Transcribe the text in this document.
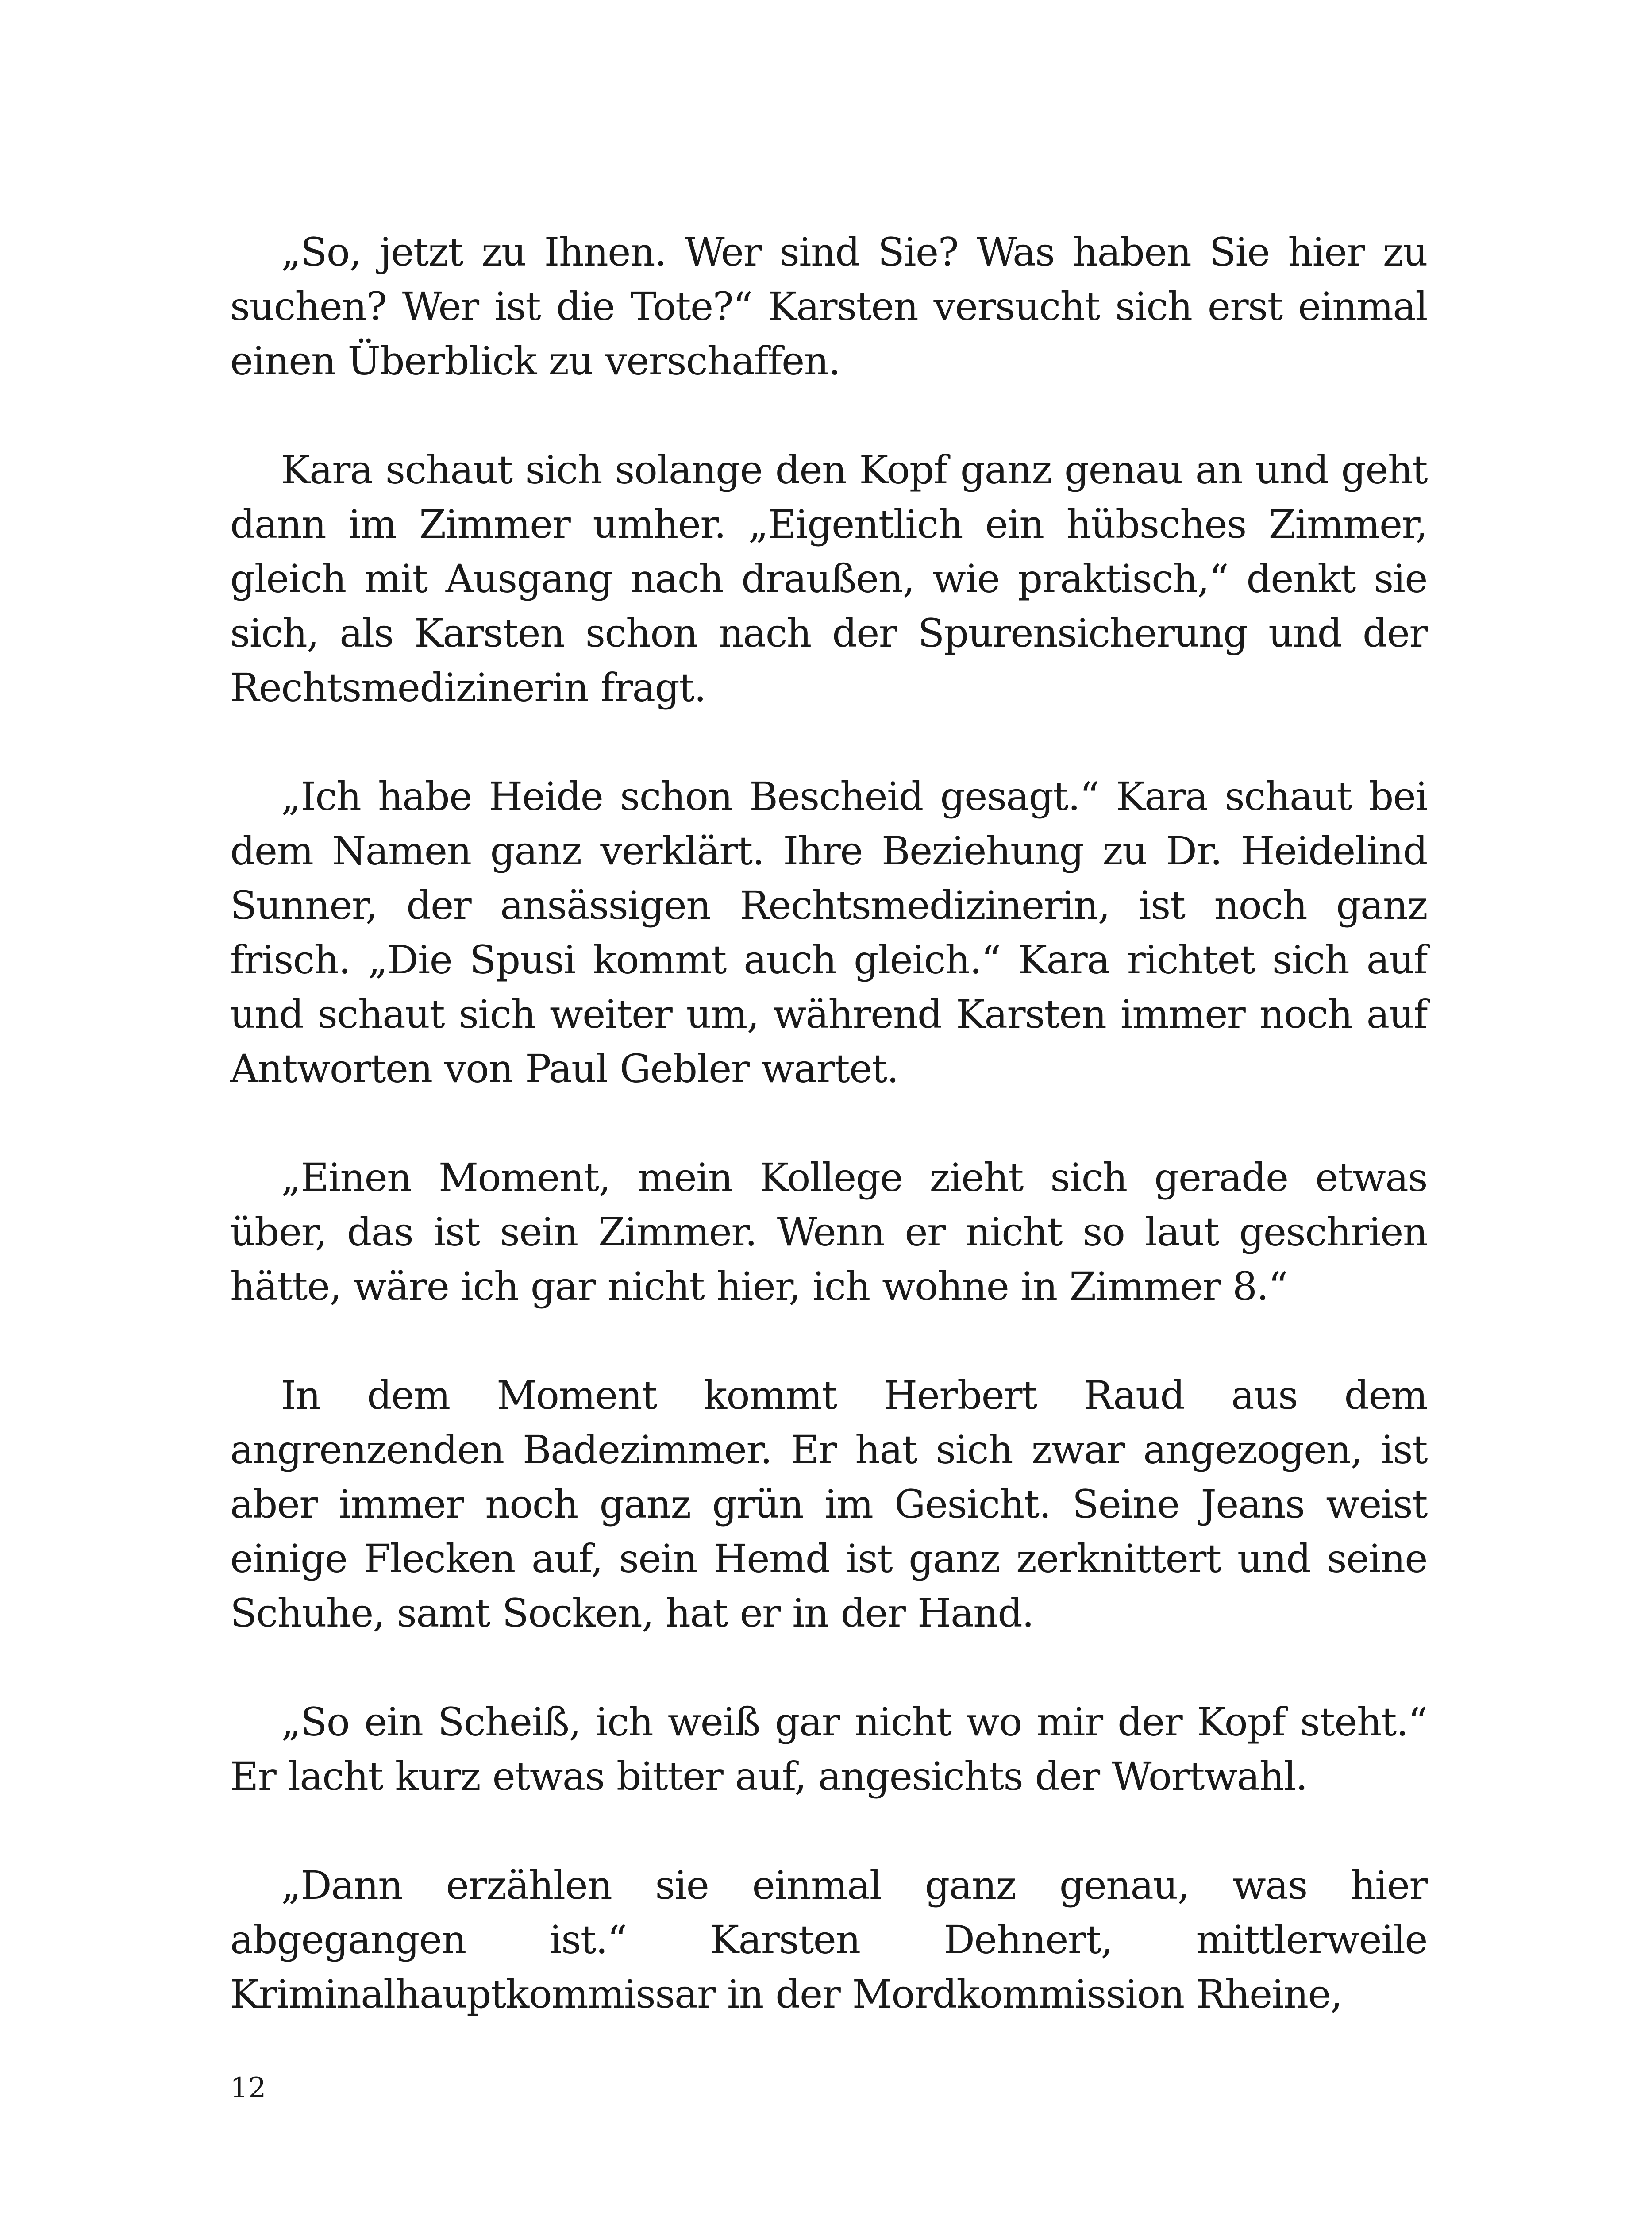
„So, jetzt zu Ihnen. Wer sind Sie? Was haben Sie hier zu suchen? Wer ist die Tote?“ Karsten versucht sich erst einmal einen Überblick zu verschaffen.

Kara schaut sich solange den Kopf ganz genau an und geht dann im Zimmer umher. „Eigentlich ein hübsches Zimmer, gleich mit Ausgang nach draußen, wie praktisch,“ denkt sie sich, als Karsten schon nach der Spurensicherung und der Rechtsmedizinerin fragt.

„Ich habe Heide schon Bescheid gesagt.“ Kara schaut bei dem Namen ganz verklärt. Ihre Beziehung zu Dr. Heidelind Sunner, der ansässigen Rechtsmedizinerin, ist noch ganz frisch. „Die Spusi kommt auch gleich.“ Kara richtet sich auf und schaut sich weiter um, während Karsten immer noch auf Antworten von Paul Gebler wartet.

„Einen Moment, mein Kollege zieht sich gerade etwas über, das ist sein Zimmer. Wenn er nicht so laut geschrien hätte, wäre ich gar nicht hier, ich wohne in Zimmer 8.“

In dem Moment kommt Herbert Raud aus dem angrenzenden Badezimmer. Er hat sich zwar angezogen, ist aber immer noch ganz grün im Gesicht. Seine Jeans weist einige Flecken auf, sein Hemd ist ganz zerknittert und seine Schuhe, samt Socken, hat er in der Hand.

„So ein Scheiß, ich weiß gar nicht wo mir der Kopf steht.“ Er lacht kurz etwas bitter auf, angesichts der Wortwahl.

„Dann erzählen sie einmal ganz genau, was hier abgegangen ist.“ Karsten Dehnert, mittlerweile Kriminalhauptkommissar in der Mordkommission Rheine,

12
